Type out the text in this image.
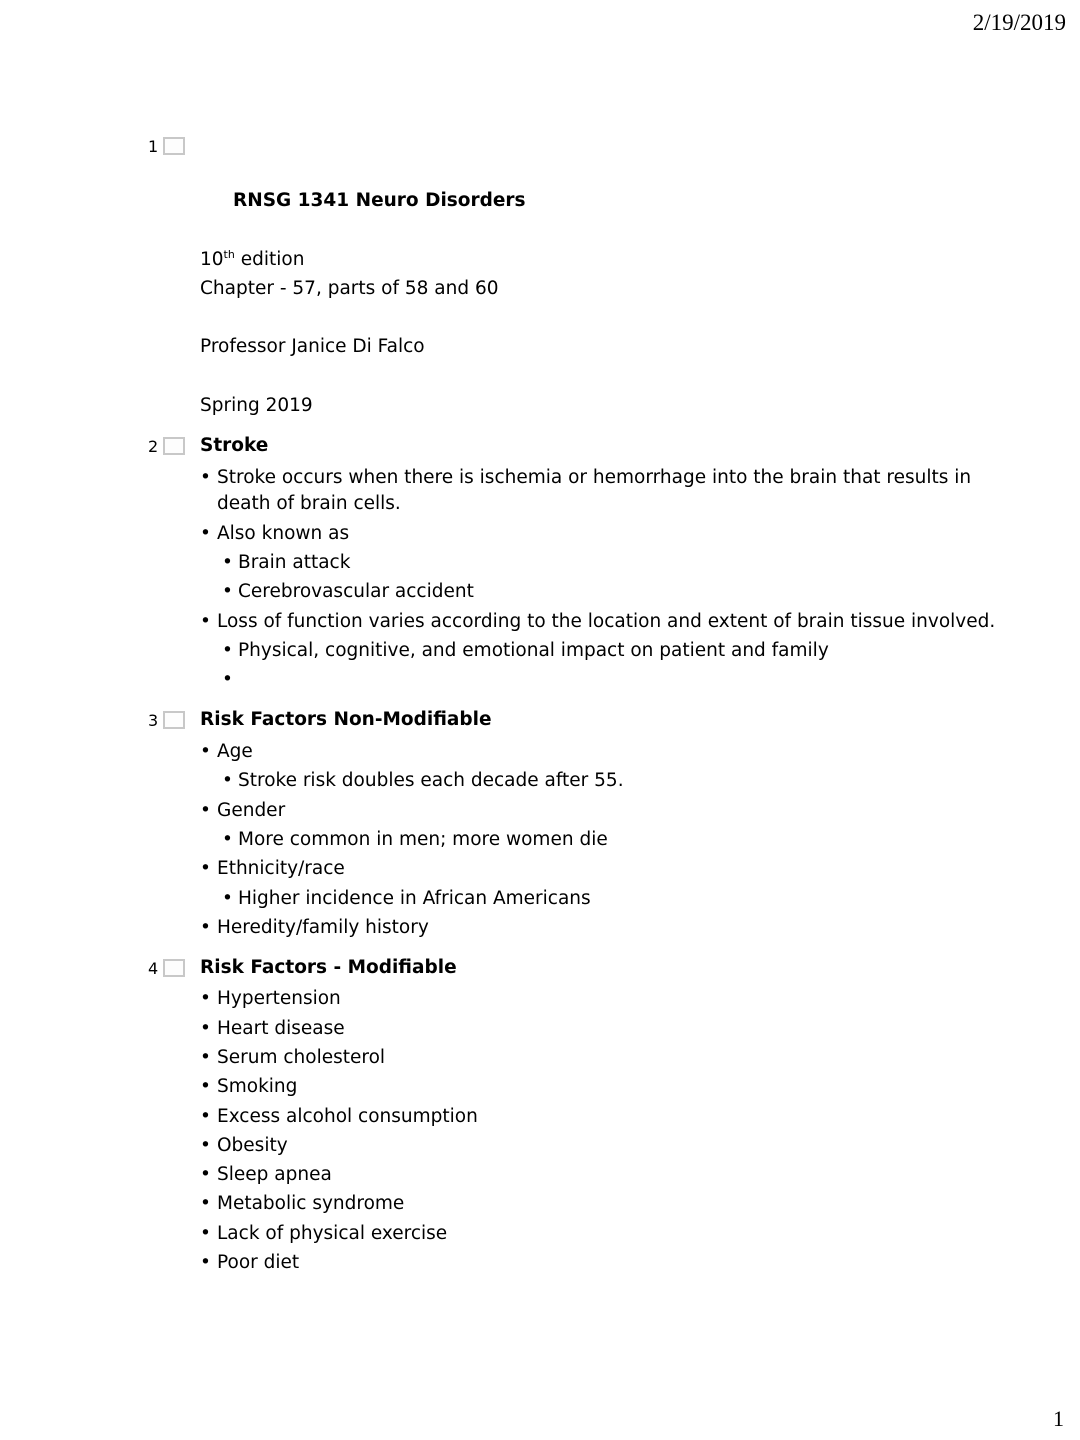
2/19/2019
1
RNSG 1341 Neuro Disorders
10th edition
Chapter - 57, parts of 58 and 60
Professor Janice Di Falco
Spring 2019
2 Stroke
• Stroke occurs when there is ischemia or hemorrhage into the brain that results in
death of brain cells.
• Also known as
• Brain attack
• Cerebrovascular accident
• Loss of function varies according to the location and extent of brain tissue involved.
• Physical, cognitive, and emotional impact on patient and family
•
3 Risk Factors Non-Modifiable
• Age
• Stroke risk doubles each decade after 55.
• Gender
• More common in men; more women die
• Ethnicity/race
• Higher incidence in African Americans
• Heredity/family history
4 Risk Factors - Modifiable
• Hypertension
• Heart disease
• Serum cholesterol
• Smoking
• Excess alcohol consumption
• Obesity
• Sleep apnea
• Metabolic syndrome
• Lack of physical exercise
• Poor diet
1
